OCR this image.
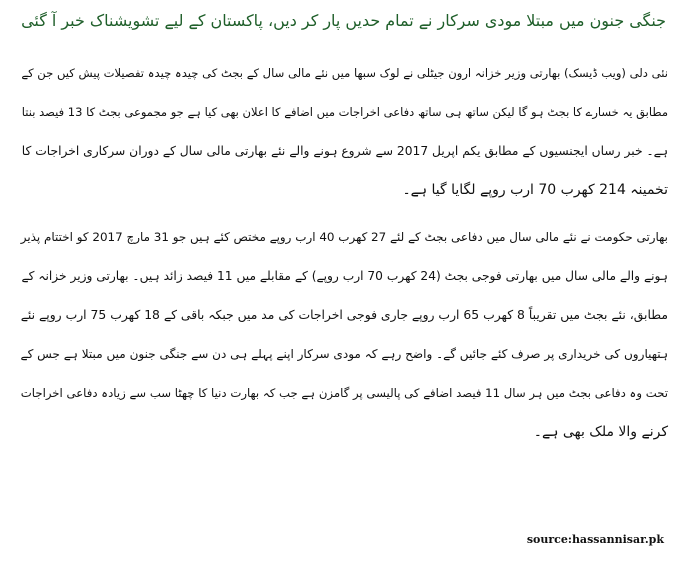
جنگی جنون میں مبتلا مودی سرکار نے تمام حدیں پار کر دیں، پاکستان کے لیے تشویشناک خبر آ گئی

نئی دلی (ویب ڈیسک) بھارتی وزیر خزانہ ارون جیٹلی نے لوک سبھا میں نئے مالی سال کے بجٹ کی چیدہ چیدہ تفصیلات پیش کیں جن کے
مطابق یہ خسارے کا بجٹ ہو گا لیکن ساتھ ہی ساتھ دفاعی اخراجات میں اضافے کا اعلان بھی کیا ہے جو مجموعی بجٹ کا 13 فیصد بنتا
ہے۔ خبر رساں ایجنسیوں کے مطابق یکم اپریل 2017 سے شروع ہونے والے نئے بھارتی مالی سال کے دوران سرکاری اخراجات کا
تخمینہ 214 کھرب 70 ارب روپے لگایا گیا ہے۔

بھارتی حکومت نے نئے مالی سال میں دفاعی بجٹ کے لئے 27 کھرب 40 ارب روپے مختص کئے ہیں جو 31 مارچ 2017 کو اختتام پذیر
ہونے والے مالی سال میں بھارتی فوجی بجٹ (24 کھرب 70 ارب روپے) کے مقابلے میں 11 فیصد زائد ہیں۔ بھارتی وزیر خزانہ کے
مطابق، نئے بجٹ میں تقریباً 8 کھرب 65 ارب روپے جاری فوجی اخراجات کی مد میں جبکہ باقی کے 18 کھرب 75 ارب روپے نئے
ہتھیاروں کی خریداری پر صرف کئے جائیں گے۔ واضح رہے کہ مودی سرکار اپنے پہلے ہی دن سے جنگی جنون میں مبتلا ہے جس کے
تحت وہ دفاعی بجٹ میں ہر سال 11 فیصد اضافے کی پالیسی پر گامزن ہے جب کہ بھارت دنیا کا چھٹا سب سے زیادہ دفاعی اخراجات
کرنے والا ملک بھی ہے۔

source:hassannisar.pk
